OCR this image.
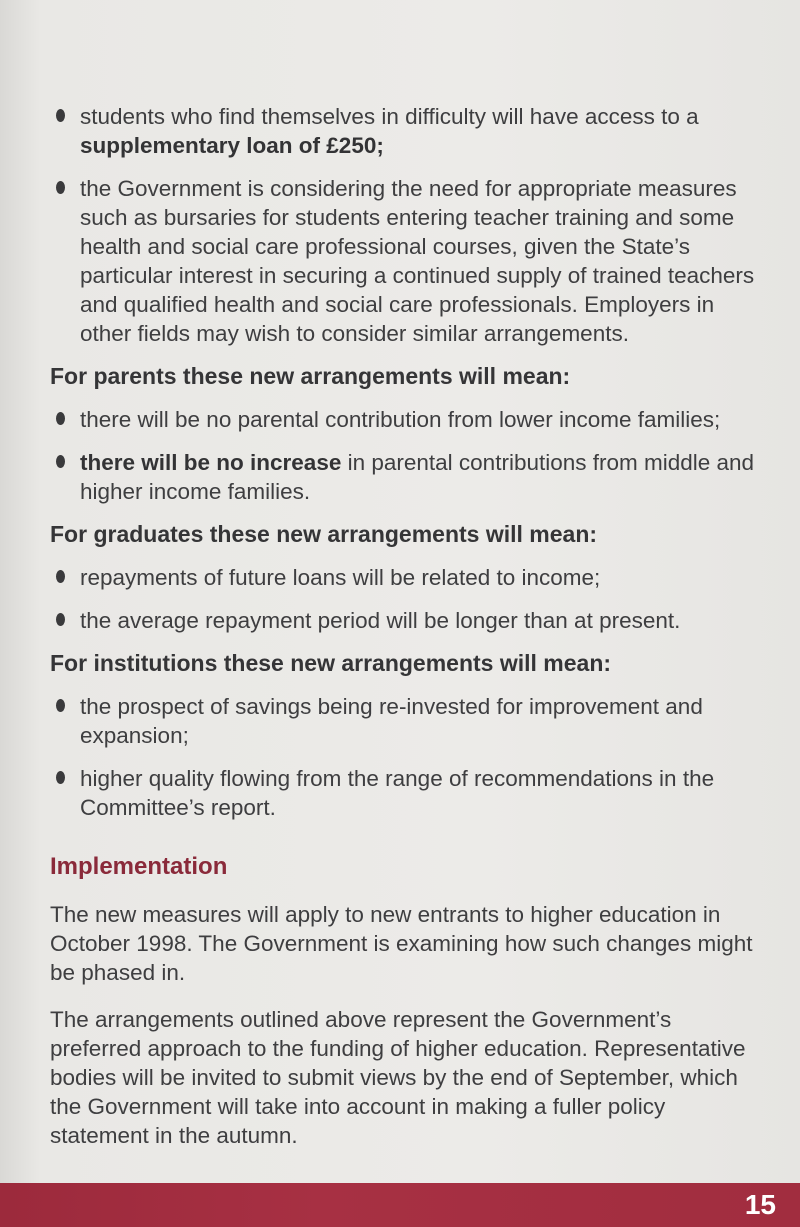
students who find themselves in difficulty will have access to a supplementary loan of £250;
the Government is considering the need for appropriate measures such as bursaries for students entering teacher training and some health and social care professional courses, given the State’s particular interest in securing a continued supply of trained teachers and qualified health and social care professionals. Employers in other fields may wish to consider similar arrangements.
For parents these new arrangements will mean:
there will be no parental contribution from lower income families;
there will be no increase in parental contributions from middle and higher income families.
For graduates these new arrangements will mean:
repayments of future loans will be related to income;
the average repayment period will be longer than at present.
For institutions these new arrangements will mean:
the prospect of savings being re-invested for improvement and expansion;
higher quality flowing from the range of recommendations in the Committee’s report.
Implementation

The new measures will apply to new entrants to higher education in October 1998. The Government is examining how such changes might be phased in.

The arrangements outlined above represent the Government’s preferred approach to the funding of higher education. Representative bodies will be invited to submit views by the end of September, which the Government will take into account in making a fuller policy statement in the autumn.

15
